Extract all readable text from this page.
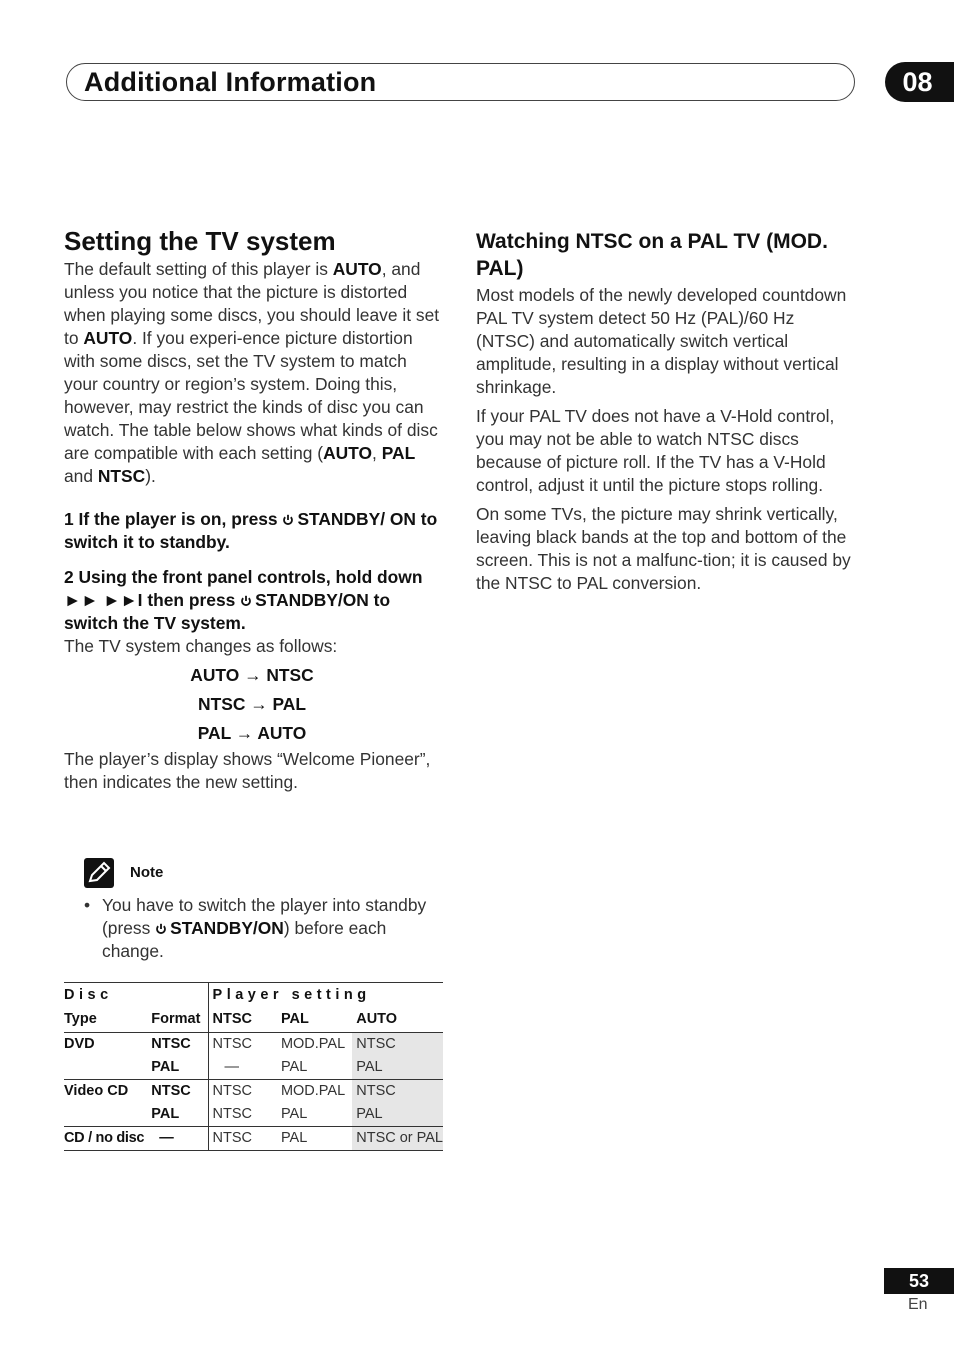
Additional Information	08
Setting the TV system

The default setting of this player is AUTO, and unless you notice that the picture is distorted when playing some discs, you should leave it set to AUTO. If you experi-ence picture distortion with some discs, set the TV system to match your country or region’s system. Doing this, however, may restrict the kinds of disc you can watch. The table below shows what kinds of disc are compatible with each setting (AUTO, PAL and NTSC).

1 If the player is on, press STANDBY/ ON to switch it to standby.

2 Using the front panel controls, hold down ►► ►►I then press STANDBY/ON to switch the TV system.

The TV system changes as follows:

AUTO → NTSC
NTSC → PAL
PAL → AUTO

The player’s display shows “Welcome Pioneer”, then indicates the new setting.

Note
• You have to switch the player into standby (press STANDBY/ON) before each change.
Disc		Player setting		
Type	Format	NTSC	PAL	AUTO
DVD	NTSC	NTSC	MOD.PAL	NTSC
	PAL	—	PAL	PAL
Video CD	NTSC	NTSC	MOD.PAL	NTSC
	PAL	NTSC	PAL	PAL
CD / no disc	—	NTSC	PAL	NTSC or PAL
Watching NTSC on a PAL TV (MOD. PAL)

Most models of the newly developed countdown PAL TV system detect 50 Hz (PAL)/60 Hz (NTSC) and automatically switch vertical amplitude, resulting in a display without vertical shrinkage.

If your PAL TV does not have a V-Hold control, you may not be able to watch NTSC discs because of picture roll. If the TV has a V-Hold control, adjust it until the picture stops rolling.

On some TVs, the picture may shrink vertically, leaving black bands at the top and bottom of the screen. This is not a malfunc-tion; it is caused by the NTSC to PAL conversion.

53
En
